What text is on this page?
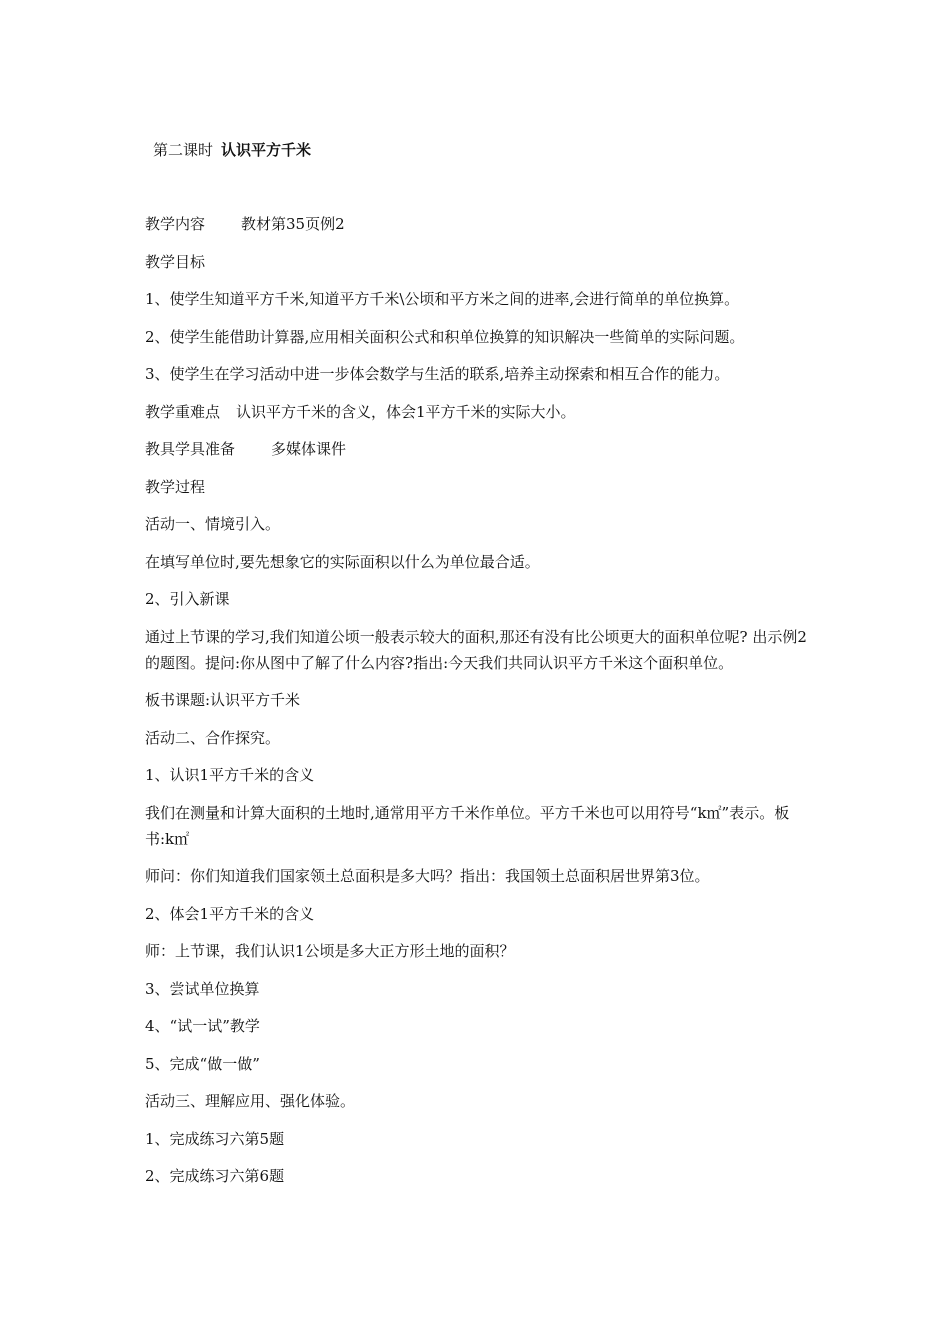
第二课时 认识平方千米
教学内容 教材第35页例2
教学目标
1、使学生知道平方千米,知道平方千米\公顷和平方米之间的进率,会进行简单的单位换算。
2、使学生能借助计算器,应用相关面积公式和积单位换算的知识解决一些简单的实际问题。
3、使学生在学习活动中进一步体会数学与生活的联系,培养主动探索和相互合作的能力。
教学重难点 认识平方千米的含义，体会1平方千米的实际大小。
教具学具准备 多媒体课件
教学过程
活动一、情境引入。
在填写单位时,要先想象它的实际面积以什么为单位最合适。
2、引入新课
通过上节课的学习,我们知道公顷一般表示较大的面积,那还有没有比公顷更大的面积单位呢? 出示例2的题图。提问:你从图中了解了什么内容?指出:今天我们共同认识平方千米这个面积单位。
板书课题:认识平方千米
活动二、合作探究。
1、认识1平方千米的含义
我们在测量和计算大面积的土地时,通常用平方千米作单位。平方千米也可以用符号“k㎡”表示。板书:k㎡
师问：你们知道我们国家领土总面积是多大吗？指出：我国领土总面积居世界第3位。
2、体会1平方千米的含义
师：上节课，我们认识1公顷是多大正方形土地的面积？
3、尝试单位换算
4、“试一试”教学
5、完成“做一做”
活动三、理解应用、强化体验。
1、完成练习六第5题
2、完成练习六第6题
